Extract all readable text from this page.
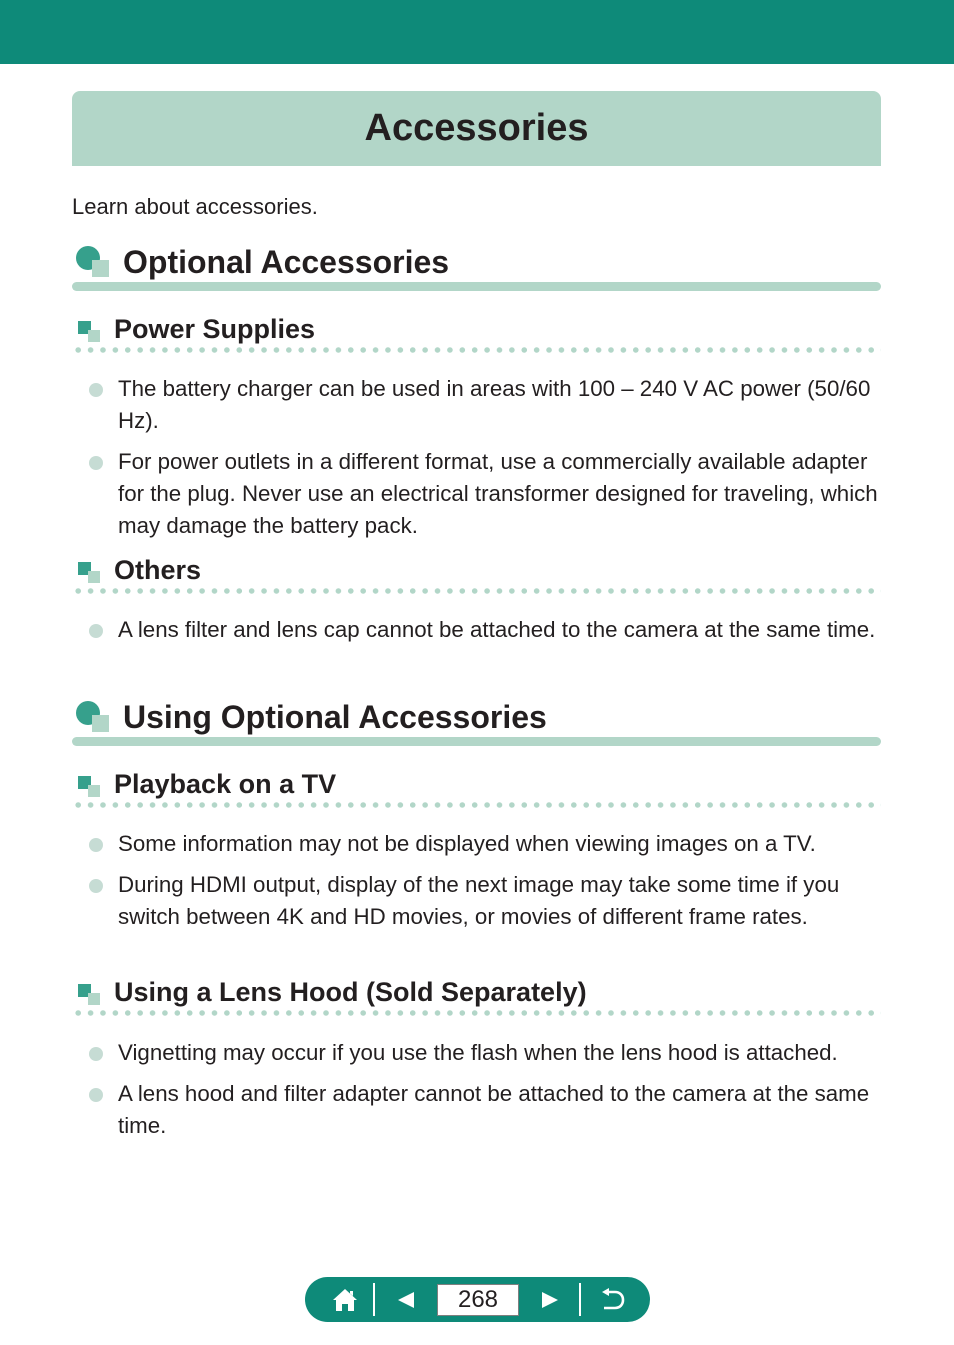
Accessories

Learn about accessories.

Optional Accessories
Power Supplies
The battery charger can be used in areas with 100 – 240 V AC power (50/60 Hz).
For power outlets in a different format, use a commercially available adapter for the plug. Never use an electrical transformer designed for traveling, which may damage the battery pack.
Others
A lens filter and lens cap cannot be attached to the camera at the same time.
Using Optional Accessories
Playback on a TV
Some information may not be displayed when viewing images on a TV.
During HDMI output, display of the next image may take some time if you switch between 4K and HD movies, or movies of different frame rates.
Using a Lens Hood (Sold Separately)
Vignetting may occur if you use the flash when the lens hood is attached.
A lens hood and filter adapter cannot be attached to the camera at the same time.
268
